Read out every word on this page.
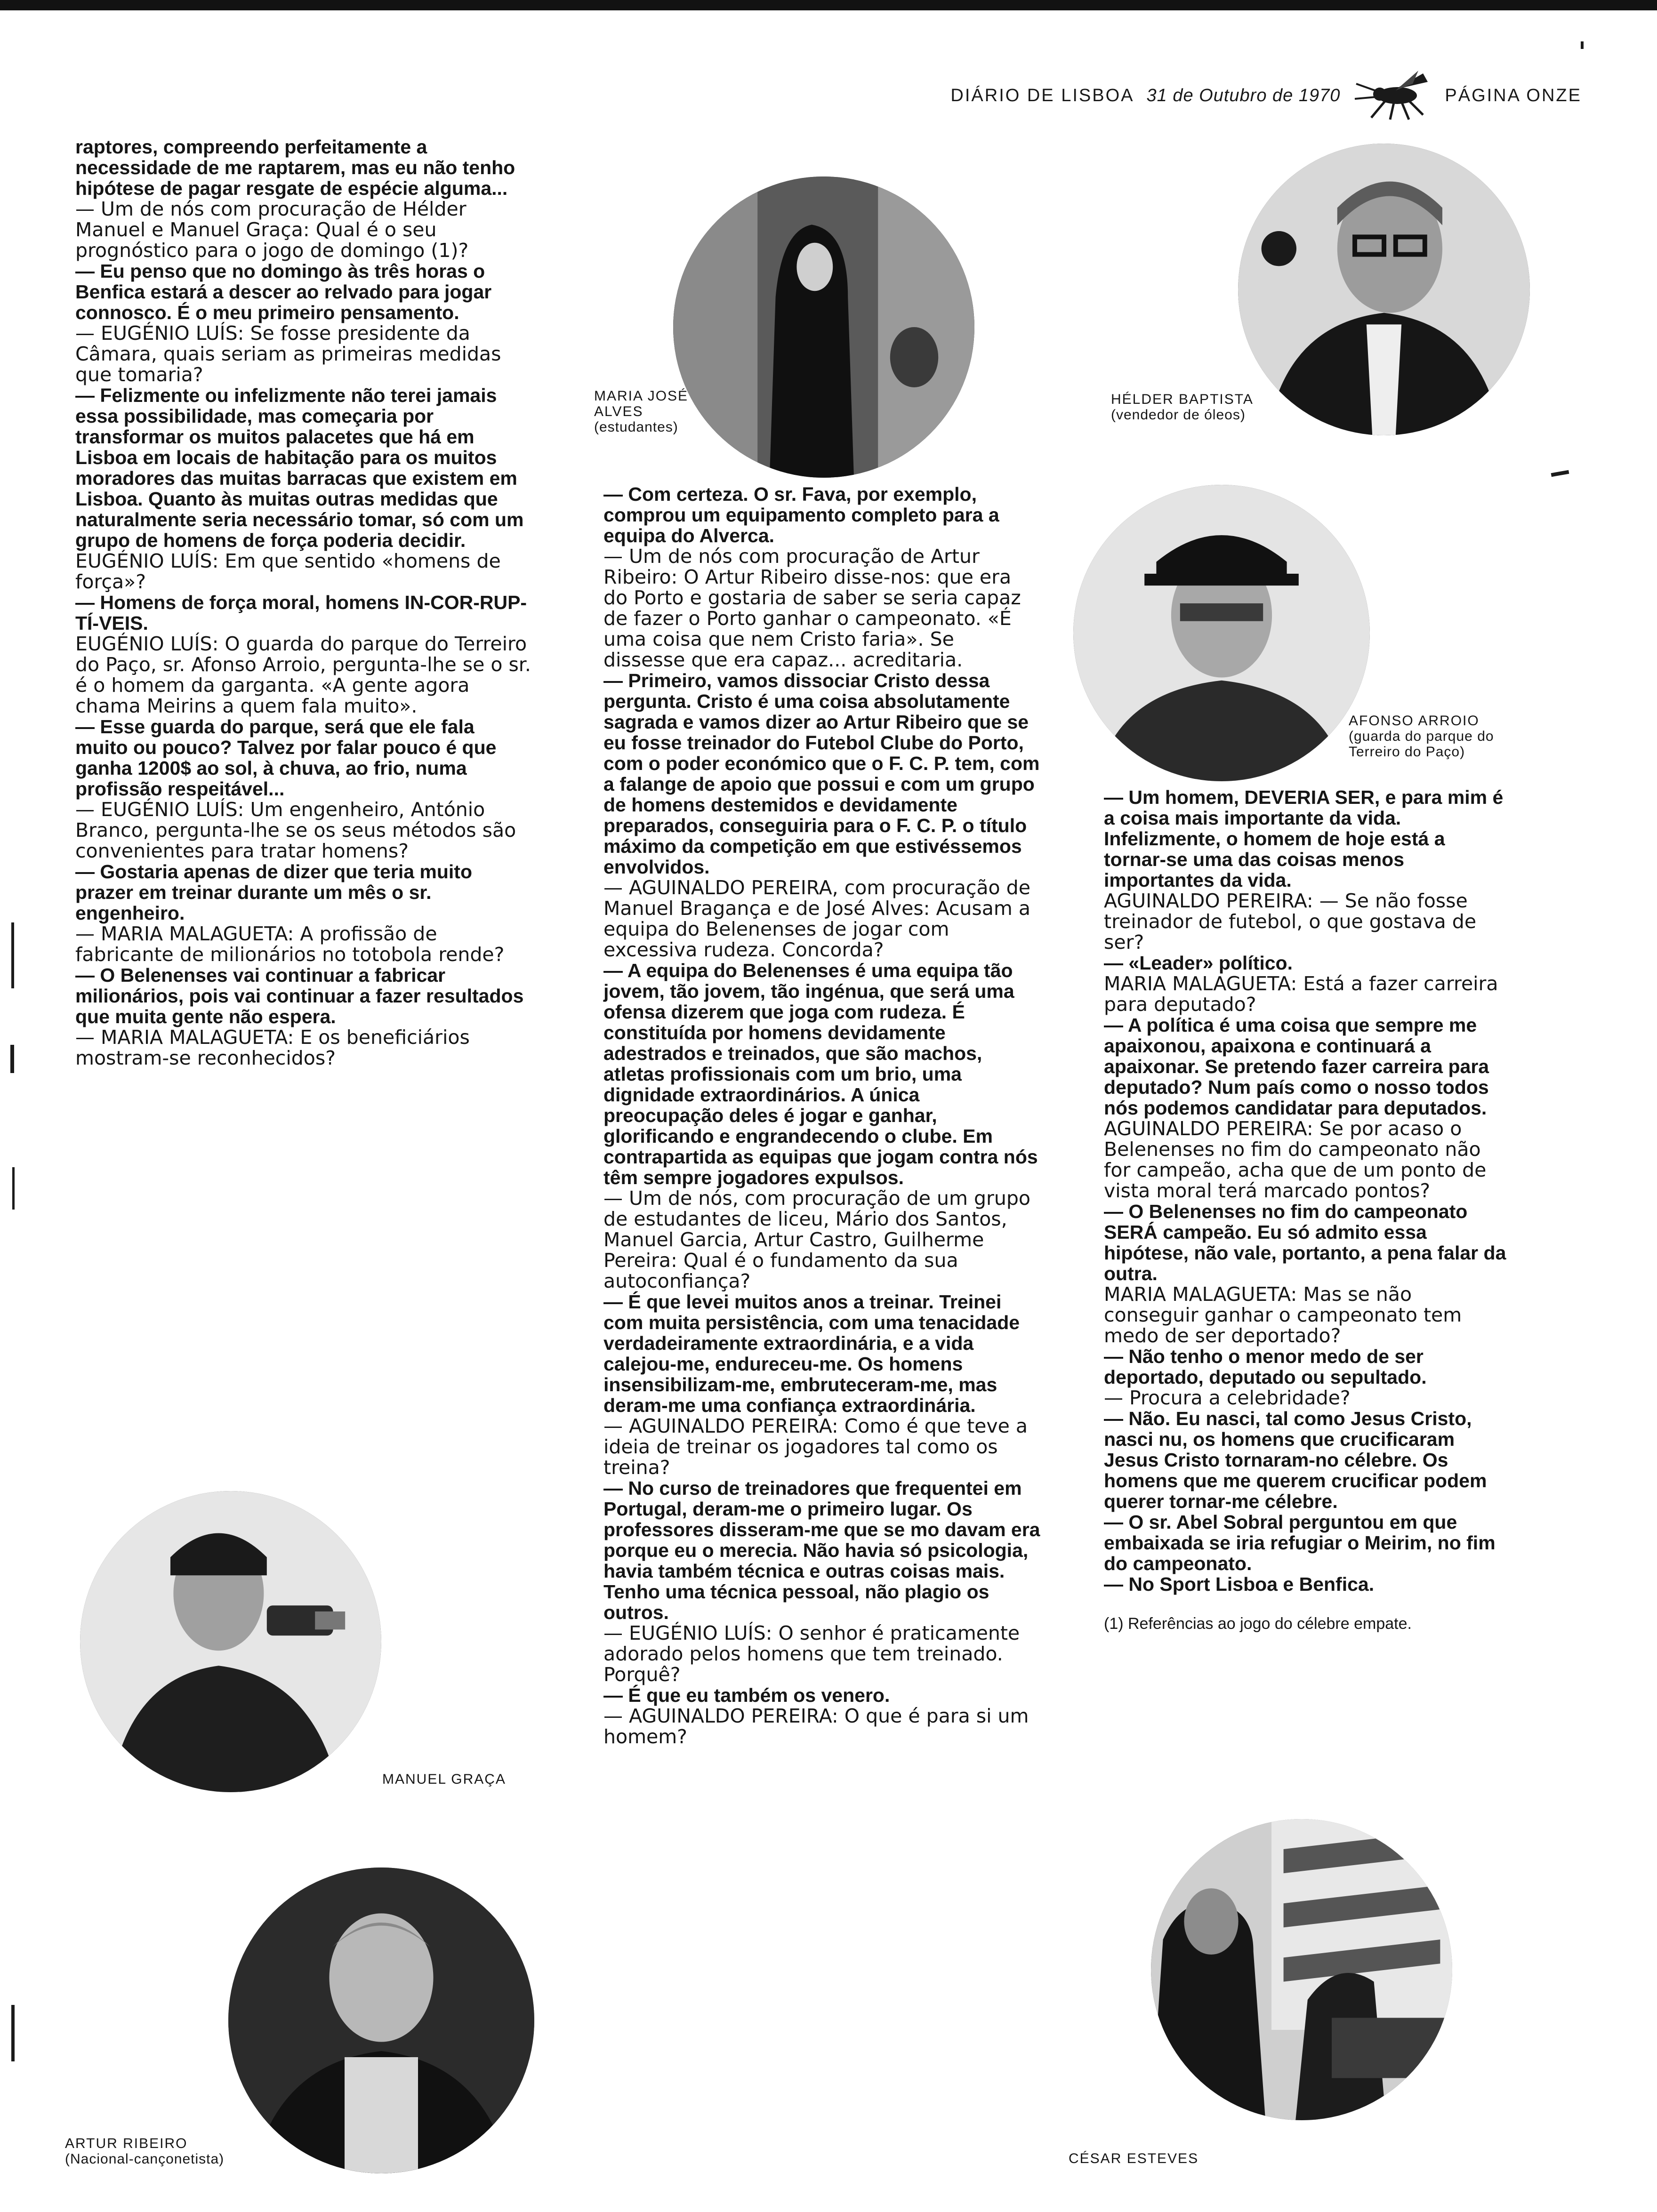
DIÁRIO DE LISBOA 31 de Outubro de 1970	PÁGINA ONZE

raptores, compreendo perfeitamente a necessidade de me raptarem, mas eu não tenho hipótese de pagar resgate de espécie alguma...

— Um de nós com procuração de Hélder Manuel e Manuel Graça: Qual é o seu prognóstico para o jogo de domingo (1)?

— Eu penso que no domingo às três horas o Benfica estará a descer ao relvado para jogar connosco. É o meu primeiro pensamento.

— EUGÉNIO LUÍS: Se fosse presidente da Câmara, quais seriam as primeiras medidas que tomaria?

— Felizmente ou infelizmente não terei jamais essa possibilidade, mas começaria por transformar os muitos palacetes que há em Lisboa em locais de habitação para os muitos moradores das muitas barracas que existem em Lisboa. Quanto às muitas outras medidas que naturalmente seria necessário tomar, só com um grupo de homens de força poderia decidir.

EUGÉNIO LUÍS: Em que sentido «homens de força»?

— Homens de força moral, homens IN-COR-RUP-TÍ-VEIS.

EUGÉNIO LUÍS: O guarda do parque do Terreiro do Paço, sr. Afonso Arroio, pergunta-lhe se o sr. é o homem da garganta. «A gente agora chama Meirins a quem fala muito».

— Esse guarda do parque, será que ele fala muito ou pouco? Talvez por falar pouco é que ganha 1200$ ao sol, à chuva, ao frio, numa profissão respeitável...

— EUGÉNIO LUÍS: Um engenheiro, António Branco, pergunta-lhe se os seus métodos são convenientes para tratar homens?

— Gostaria apenas de dizer que teria muito prazer em treinar durante um mês o sr. engenheiro.

— MARIA MALAGUETA: A profissão de fabricante de milionários no totobola rende?

— O Belenenses vai continuar a fabricar milionários, pois vai continuar a fazer resultados que muita gente não espera.

— MARIA MALAGUETA: E os beneficiários mostram-se reconhecidos?

— Com certeza. O sr. Fava, por exemplo, comprou um equipamento completo para a equipa do Alverca.

— Um de nós com procuração de Artur Ribeiro: O Artur Ribeiro disse-nos: que era do Porto e gostaria de saber se seria capaz de fazer o Porto ganhar o campeonato. «É uma coisa que nem Cristo faria». Se dissesse que era capaz... acreditaria.

— Primeiro, vamos dissociar Cristo dessa pergunta. Cristo é uma coisa absolutamente sagrada e vamos dizer ao Artur Ribeiro que se eu fosse treinador do Futebol Clube do Porto, com o poder económico que o F. C. P. tem, com a falange de apoio que possui e com um grupo de homens destemidos e devidamente preparados, conseguiria para o F. C. P. o título máximo da competição em que estivéssemos envolvidos.

— AGUINALDO PEREIRA, com procuração de Manuel Bragança e de José Alves: Acusam a equipa do Belenenses de jogar com excessiva rudeza. Concorda?

— A equipa do Belenenses é uma equipa tão jovem, tão jovem, tão ingénua, que será uma ofensa dizerem que joga com rudeza. É constituída por homens devidamente adestrados e treinados, que são machos, atletas profissionais com um brio, uma dignidade extraordinários. A única preocupação deles é jogar e ganhar, glorificando e engrandecendo o clube. Em contrapartida as equipas que jogam contra nós têm sempre jogadores expulsos.

— Um de nós, com procuração de um grupo de estudantes de liceu, Mário dos Santos, Manuel Garcia, Artur Castro, Guilherme Pereira: Qual é o fundamento da sua autoconfiança?

— É que levei muitos anos a treinar. Treinei com muita persistência, com uma tenacidade verdadeiramente extraordinária, e a vida calejou-me, endureceu-me. Os homens insensibilizam-me, embruteceram-me, mas deram-me uma confiança extraordinária.

— AGUINALDO PEREIRA: Como é que teve a ideia de treinar os jogadores tal como os treina?

— No curso de treinadores que frequentei em Portugal, deram-me o primeiro lugar. Os professores disseram-me que se mo davam era porque eu o merecia. Não havia só psicologia, havia também técnica e outras coisas mais. Tenho uma técnica pessoal, não plagio os outros.

— EUGÉNIO LUÍS: O senhor é praticamente adorado pelos homens que tem treinado. Porquê?

— É que eu também os venero.

— AGUINALDO PEREIRA: O que é para si um homem?

— Um homem, DEVERIA SER, e para mim é a coisa mais importante da vida. Infelizmente, o homem de hoje está a tornar-se uma das coisas menos importantes da vida.

AGUINALDO PEREIRA: — Se não fosse treinador de futebol, o que gostava de ser?

— «Leader» político.

MARIA MALAGUETA: Está a fazer carreira para deputado?

— A política é uma coisa que sempre me apaixonou, apaixona e continuará a apaixonar. Se pretendo fazer carreira para deputado? Num país como o nosso todos nós podemos candidatar para deputados.

AGUINALDO PEREIRA: Se por acaso o Belenenses no fim do campeonato não for campeão, acha que de um ponto de vista moral terá marcado pontos?

— O Belenenses no fim do campeonato SERÁ campeão. Eu só admito essa hipótese, não vale, portanto, a pena falar da outra.

MARIA MALAGUETA: Mas se não conseguir ganhar o campeonato tem medo de ser deportado?

— Não tenho o menor medo de ser deportado, deputado ou sepultado.

— Procura a celebridade?

— Não. Eu nasci, tal como Jesus Cristo, nasci nu, os homens que crucificaram Jesus Cristo tornaram-no célebre. Os homens que me querem crucificar podem querer tornar-me célebre.

— O sr. Abel Sobral perguntou em que embaixada se iria refugiar o Meirim, no fim do campeonato.

— No Sport Lisboa e Benfica.

(1) Referências ao jogo do célebre empate.

MARIA JOSÉ ALVES
(estudantes)
HÉLDER BAPTISTA
(vendedor de óleos)
AFONSO ARROIO
(guarda do parque do Terreiro do Paço)
MANUEL GRAÇA
ARTUR RIBEIRO
(Nacional-cançonetista)	CÉSAR ESTEVES
